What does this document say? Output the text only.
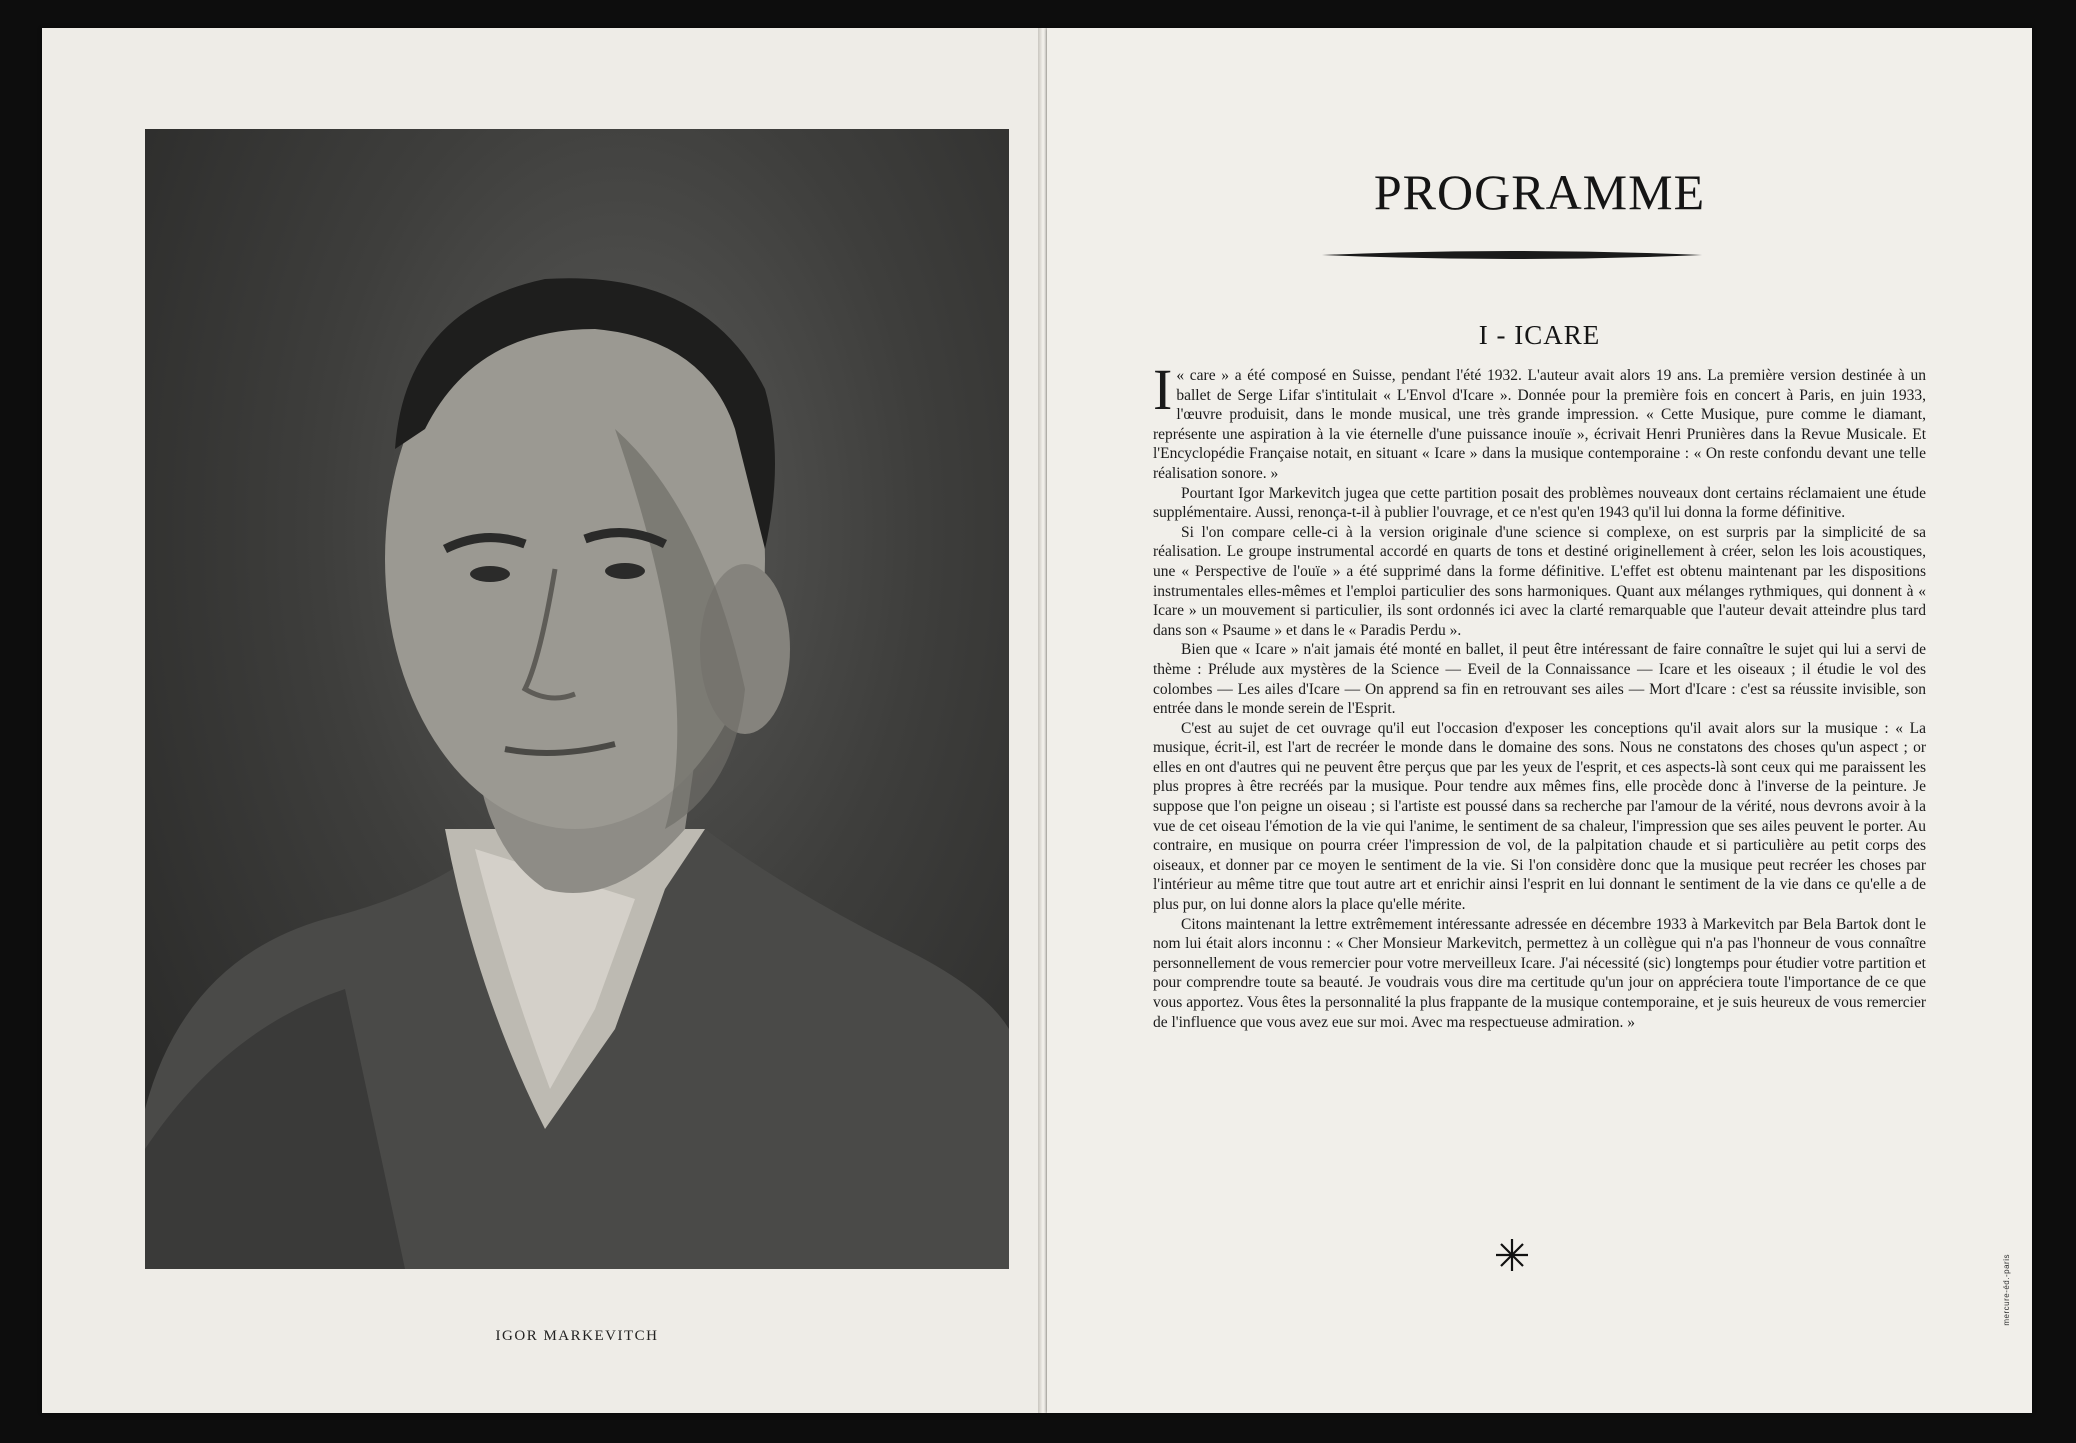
IGOR MARKEVITCH
PROGRAMME
I - ICARE

«
I care » a été composé en Suisse, pendant l'été 1932. L'auteur avait alors 19 ans. La première version destinée à un ballet de Serge Lifar s'intitulait « L'Envol d'Icare ». Donnée pour la première fois en concert à Paris, en juin 1933, l'œuvre produisit, dans le monde musical, une très grande impression. « Cette Musique, pure comme le diamant, représente une aspiration à la vie éternelle d'une puissance inouïe », écrivait Henri Prunières dans la Revue Musicale. Et l'Encyclopédie Française notait, en situant « Icare » dans la musique contemporaine : « On reste confondu devant une telle réalisation sonore. »

Pourtant Igor Markevitch jugea que cette partition posait des problèmes nouveaux dont certains réclamaient une étude supplémentaire. Aussi, renonça-t-il à publier l'ouvrage, et ce n'est qu'en 1943 qu'il lui donna la forme définitive.

Si l'on compare celle-ci à la version originale d'une science si complexe, on est surpris par la simplicité de sa réalisation. Le groupe instrumental accordé en quarts de tons et destiné originellement à créer, selon les lois acoustiques, une « Perspective de l'ouïe » a été supprimé dans la forme définitive. L'effet est obtenu maintenant par les dispositions instrumentales elles-mêmes et l'emploi particulier des sons harmoniques. Quant aux mélanges rythmiques, qui donnent à « Icare » un mouvement si particulier, ils sont ordonnés ici avec la clarté remarquable que l'auteur devait atteindre plus tard dans son « Psaume » et dans le « Paradis Perdu ».

Bien que « Icare » n'ait jamais été monté en ballet, il peut être intéressant de faire connaître le sujet qui lui a servi de thème : Prélude aux mystères de la Science — Eveil de la Connaissance — Icare et les oiseaux ; il étudie le vol des colombes — Les ailes d'Icare — On apprend sa fin en retrouvant ses ailes — Mort d'Icare : c'est sa réussite invisible, son entrée dans le monde serein de l'Esprit.

C'est au sujet de cet ouvrage qu'il eut l'occasion d'exposer les conceptions qu'il avait alors sur la musique : « La musique, écrit-il, est l'art de recréer le monde dans le domaine des sons. Nous ne constatons des choses qu'un aspect ; or elles en ont d'autres qui ne peuvent être perçus que par les yeux de l'esprit, et ces aspects-là sont ceux qui me paraissent les plus propres à être recréés par la musique. Pour tendre aux mêmes fins, elle procède donc à l'inverse de la peinture. Je suppose que l'on peigne un oiseau ; si l'artiste est poussé dans sa recherche par l'amour de la vérité, nous devrons avoir à la vue de cet oiseau l'émotion de la vie qui l'anime, le sentiment de sa chaleur, l'impression que ses ailes peuvent le porter. Au contraire, en musique on pourra créer l'impression de vol, de la palpitation chaude et si particulière au petit corps des oiseaux, et donner par ce moyen le sentiment de la vie. Si l'on considère donc que la musique peut recréer les choses par l'intérieur au même titre que tout autre art et enrichir ainsi l'esprit en lui donnant le sentiment de la vie dans ce qu'elle a de plus pur, on lui donne alors la place qu'elle mérite.

Citons maintenant la lettre extrêmement intéressante adressée en décembre 1933 à Markevitch par Bela Bartok dont le nom lui était alors inconnu : « Cher Monsieur Markevitch, permettez à un collègue qui n'a pas l'honneur de vous connaître personnellement de vous remercier pour votre merveilleux Icare. J'ai nécessité (sic) longtemps pour étudier votre partition et pour comprendre toute sa beauté. Je voudrais vous dire ma certitude qu'un jour on appréciera toute l'importance de ce que vous apportez. Vous êtes la personnalité la plus frappante de la musique contemporaine, et je suis heureux de vous remercier de l'influence que vous avez eue sur moi. Avec ma respectueuse admiration. »

mercure-éd.-paris
